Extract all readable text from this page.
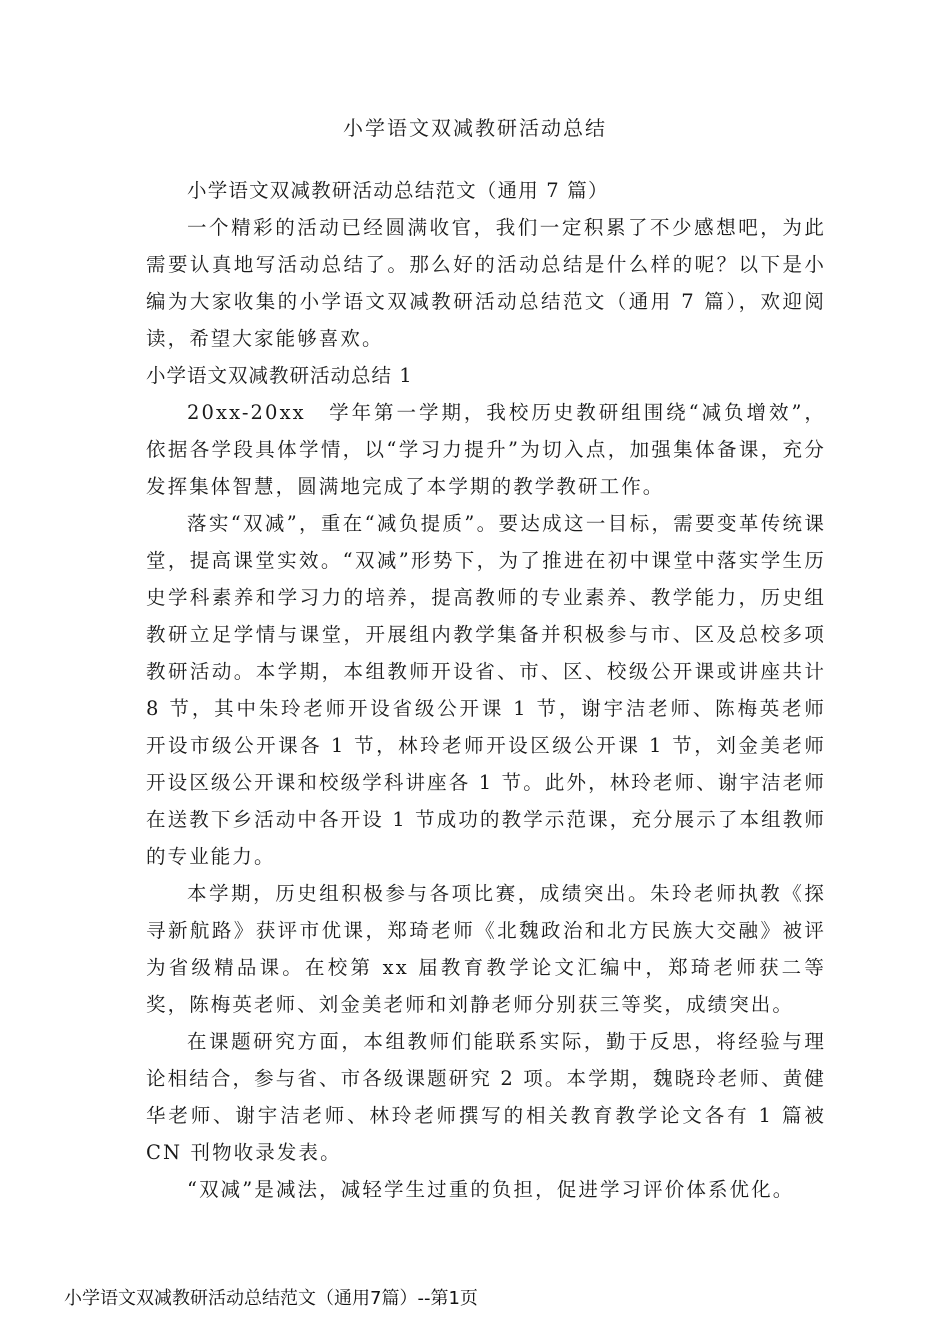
小学语文双减教研活动总结

小学语文双减教研活动总结范文（通用 7 篇）

一个精彩的活动已经圆满收官，我们一定积累了不少感想吧，为此需要认真地写活动总结了。那么好的活动总结是什么样的呢？以下是小编为大家收集的小学语文双减教研活动总结范文（通用 7 篇），欢迎阅读，希望大家能够喜欢。

小学语文双减教研活动总结 1

20xx-20xx　学年第一学期，我校历史教研组围绕“减负增效”，依据各学段具体学情，以“学习力提升”为切入点，加强集体备课，充分发挥集体智慧，圆满地完成了本学期的教学教研工作。

落实“双减”，重在“减负提质”。要达成这一目标，需要变革传统课堂，提高课堂实效。“双减”形势下，为了推进在初中课堂中落实学生历史学科素养和学习力的培养，提高教师的专业素养、教学能力，历史组教研立足学情与课堂，开展组内教学集备并积极参与市、区及总校多项教研活动。本学期，本组教师开设省、市、区、校级公开课或讲座共计 8 节，其中朱玲老师开设省级公开课 1 节，谢宇洁老师、陈梅英老师开设市级公开课各 1 节，林玲老师开设区级公开课 1 节，刘金美老师开设区级公开课和校级学科讲座各 1 节。此外，林玲老师、谢宇洁老师在送教下乡活动中各开设 1 节成功的教学示范课，充分展示了本组教师的专业能力。

本学期，历史组积极参与各项比赛，成绩突出。朱玲老师执教《探寻新航路》获评市优课，郑琦老师《北魏政治和北方民族大交融》被评为省级精品课。在校第 xx 届教育教学论文汇编中，郑琦老师获二等奖，陈梅英老师、刘金美老师和刘静老师分别获三等奖，成绩突出。

在课题研究方面，本组教师们能联系实际，勤于反思，将经验与理论相结合，参与省、市各级课题研究 2 项。本学期，魏晓玲老师、黄健华老师、谢宇洁老师、林玲老师撰写的相关教育教学论文各有 1 篇被 CN 刊物收录发表。

“双减”是减法，减轻学生过重的负担，促进学习评价体系优化。

小学语文双减教研活动总结范文（通用7篇）--第1页
